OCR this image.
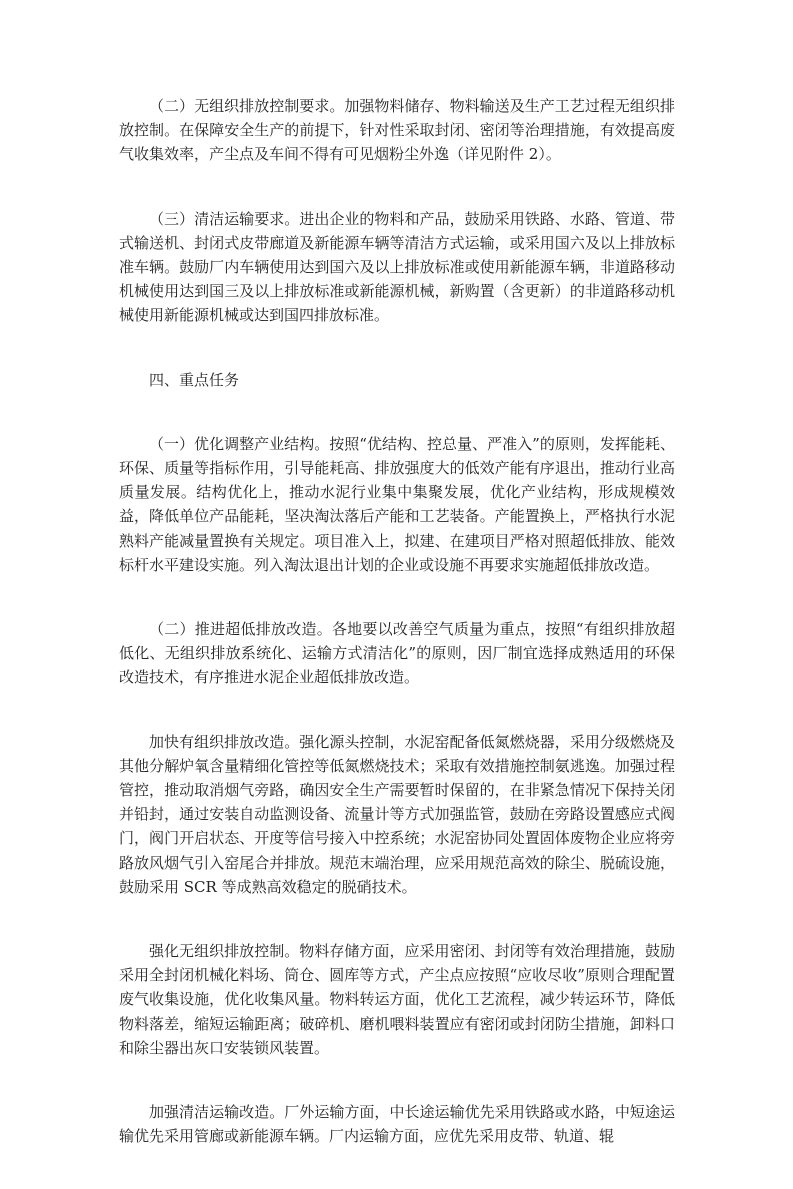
（二）无组织排放控制要求。加强物料储存、物料输送及生产工艺过程无组织排放控制。在保障安全生产的前提下，针对性采取封闭、密闭等治理措施，有效提高废气收集效率，产尘点及车间不得有可见烟粉尘外逸（详见附件 2）。

（三）清洁运输要求。进出企业的物料和产品，鼓励采用铁路、水路、管道、带式输送机、封闭式皮带廊道及新能源车辆等清洁方式运输，或采用国六及以上排放标准车辆。鼓励厂内车辆使用达到国六及以上排放标准或使用新能源车辆，非道路移动机械使用达到国三及以上排放标准或新能源机械，新购置（含更新）的非道路移动机械使用新能源机械或达到国四排放标准。

四、重点任务

（一）优化调整产业结构。按照“优结构、控总量、严准入”的原则，发挥能耗、环保、质量等指标作用，引导能耗高、排放强度大的低效产能有序退出，推动行业高质量发展。结构优化上，推动水泥行业集中集聚发展，优化产业结构，形成规模效益，降低单位产品能耗，坚决淘汰落后产能和工艺装备。产能置换上，严格执行水泥熟料产能减量置换有关规定。项目准入上，拟建、在建项目严格对照超低排放、能效标杆水平建设实施。列入淘汰退出计划的企业或设施不再要求实施超低排放改造。

（二）推进超低排放改造。各地要以改善空气质量为重点，按照“有组织排放超低化、无组织排放系统化、运输方式清洁化”的原则，因厂制宜选择成熟适用的环保改造技术，有序推进水泥企业超低排放改造。

加快有组织排放改造。强化源头控制，水泥窑配备低氮燃烧器，采用分级燃烧及其他分解炉氧含量精细化管控等低氮燃烧技术；采取有效措施控制氨逃逸。加强过程管控，推动取消烟气旁路，确因安全生产需要暂时保留的，在非紧急情况下保持关闭并铅封，通过安装自动监测设备、流量计等方式加强监管，鼓励在旁路设置感应式阀门，阀门开启状态、开度等信号接入中控系统；水泥窑协同处置固体废物企业应将旁路放风烟气引入窑尾合并排放。规范末端治理，应采用规范高效的除尘、脱硫设施，鼓励采用 SCR 等成熟高效稳定的脱硝技术。

强化无组织排放控制。物料存储方面，应采用密闭、封闭等有效治理措施，鼓励采用全封闭机械化料场、筒仓、圆库等方式，产尘点应按照“应收尽收”原则合理配置废气收集设施，优化收集风量。物料转运方面，优化工艺流程，减少转运环节，降低物料落差，缩短运输距离；破碎机、磨机喂料装置应有密闭或封闭防尘措施，卸料口和除尘器出灰口安装锁风装置。

加强清洁运输改造。厂外运输方面，中长途运输优先采用铁路或水路，中短途运输优先采用管廊或新能源车辆。厂内运输方面，应优先采用皮带、轨道、辊
